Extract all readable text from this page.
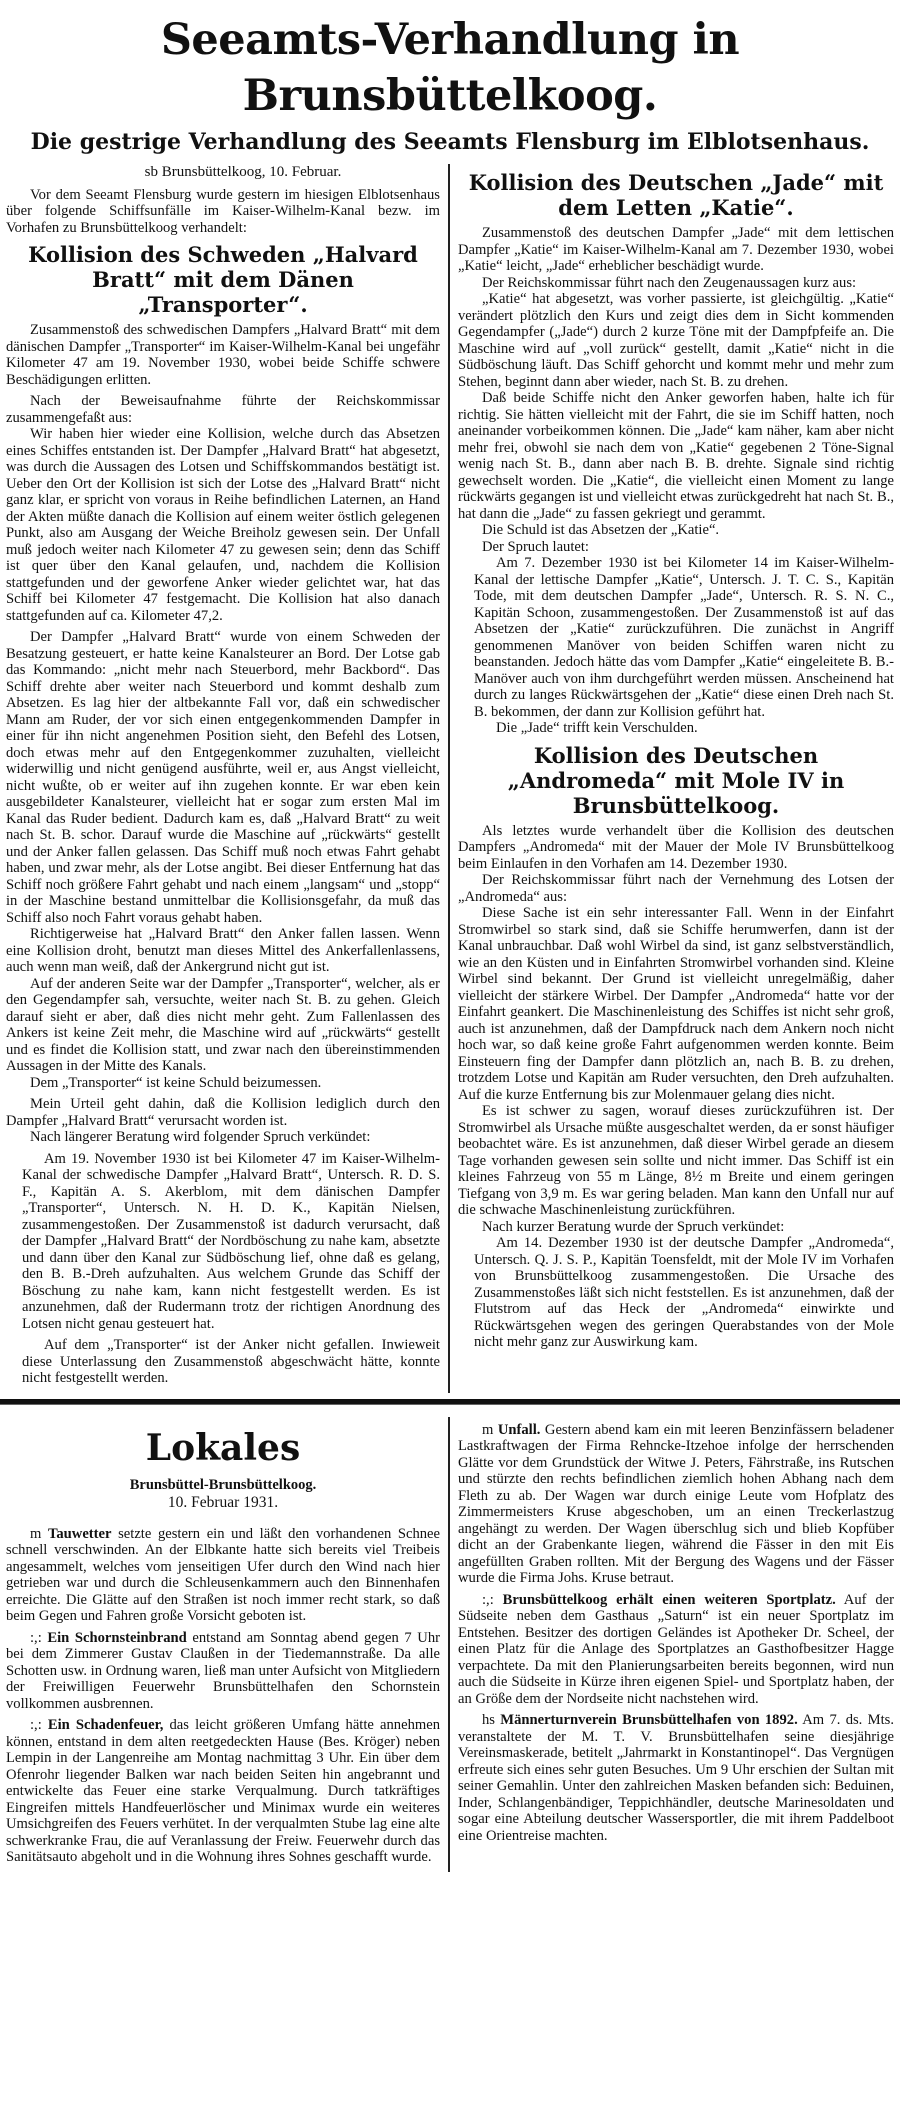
Seeamts-Verhandlung in Brunsbüttelkoog.
Die gestrige Verhandlung des Seeamts Flensburg im Elblotsenhaus.
sb Brunsbüttelkoog, 10. Februar.

Vor dem Seeamt Flensburg wurde gestern im hiesigen Elblotsenhaus über folgende Schiffsunfälle im Kaiser-Wilhelm-Kanal bezw. im Vorhafen zu Brunsbüttelkoog verhandelt:

Kollision des Schweden „Halvard Bratt“ mit dem Dänen „Transporter“.

Zusammenstoß des schwedischen Dampfers „Halvard Bratt“ mit dem dänischen Dampfer „Transporter“ im Kaiser-Wilhelm-Kanal bei ungefähr Kilometer 47 am 19. November 1930, wobei beide Schiffe schwere Beschädigungen erlitten.

Nach der Beweisaufnahme führte der Reichskommissar zusammengefaßt aus:

Wir haben hier wieder eine Kollision, welche durch das Absetzen eines Schiffes entstanden ist. Der Dampfer „Halvard Bratt“ hat abgesetzt, was durch die Aussagen des Lotsen und Schiffskommandos bestätigt ist. Ueber den Ort der Kollision ist sich der Lotse des „Halvard Bratt“ nicht ganz klar, er spricht von voraus in Reihe befindlichen Laternen, an Hand der Akten müßte danach die Kollision auf einem weiter östlich gelegenen Punkt, also am Ausgang der Weiche Breiholz gewesen sein. Der Unfall muß jedoch weiter nach Kilometer 47 zu gewesen sein; denn das Schiff ist quer über den Kanal gelaufen, und, nachdem die Kollision stattgefunden und der geworfene Anker wieder gelichtet war, hat das Schiff bei Kilometer 47 festgemacht. Die Kollision hat also danach stattgefunden auf ca. Kilometer 47,2.

Der Dampfer „Halvard Bratt“ wurde von einem Schweden der Besatzung gesteuert, er hatte keine Kanalsteurer an Bord. Der Lotse gab das Kommando: „nicht mehr nach Steuerbord, mehr Backbord“. Das Schiff drehte aber weiter nach Steuerbord und kommt deshalb zum Absetzen. Es lag hier der altbekannte Fall vor, daß ein schwedischer Mann am Ruder, der vor sich einen entgegenkommenden Dampfer in einer für ihn nicht angenehmen Position sieht, den Befehl des Lotsen, doch etwas mehr auf den Entgegenkommer zuzuhalten, vielleicht widerwillig und nicht genügend ausführte, weil er, aus Angst vielleicht, nicht wußte, ob er weiter auf ihn zugehen konnte. Er war eben kein ausgebildeter Kanalsteurer, vielleicht hat er sogar zum ersten Mal im Kanal das Ruder bedient. Dadurch kam es, daß „Halvard Bratt“ zu weit nach St. B. schor. Darauf wurde die Maschine auf „rückwärts“ gestellt und der Anker fallen gelassen. Das Schiff muß noch etwas Fahrt gehabt haben, und zwar mehr, als der Lotse angibt. Bei dieser Entfernung hat das Schiff noch größere Fahrt gehabt und nach einem „langsam“ und „stopp“ in der Maschine bestand unmittelbar die Kollisionsgefahr, da muß das Schiff also noch Fahrt voraus gehabt haben.

Richtigerweise hat „Halvard Bratt“ den Anker fallen lassen. Wenn eine Kollision droht, benutzt man dieses Mittel des Ankerfallenlassens, auch wenn man weiß, daß der Ankergrund nicht gut ist.

Auf der anderen Seite war der Dampfer „Transporter“, welcher, als er den Gegendampfer sah, versuchte, weiter nach St. B. zu gehen. Gleich darauf sieht er aber, daß dies nicht mehr geht. Zum Fallenlassen des Ankers ist keine Zeit mehr, die Maschine wird auf „rückwärts“ gestellt und es findet die Kollision statt, und zwar nach den übereinstimmenden Aussagen in der Mitte des Kanals.

Dem „Transporter“ ist keine Schuld beizumessen.

Mein Urteil geht dahin, daß die Kollision lediglich durch den Dampfer „Halvard Bratt“ verursacht worden ist.

Nach längerer Beratung wird folgender Spruch verkündet:

Am 19. November 1930 ist bei Kilometer 47 im Kaiser-Wilhelm-Kanal der schwedische Dampfer „Halvard Bratt“, Untersch. R. D. S. F., Kapitän A. S. Akerblom, mit dem dänischen Dampfer „Transporter“, Untersch. N. H. D. K., Kapitän Nielsen, zusammengestoßen. Der Zusammenstoß ist dadurch verursacht, daß der Dampfer „Halvard Bratt“ der Nordböschung zu nahe kam, absetzte und dann über den Kanal zur Südböschung lief, ohne daß es gelang, den B. B.-Dreh aufzuhalten. Aus welchem Grunde das Schiff der Böschung zu nahe kam, kann nicht festgestellt werden. Es ist anzunehmen, daß der Rudermann trotz der richtigen Anordnung des Lotsen nicht genau gesteuert hat.

Auf dem „Transporter“ ist der Anker nicht gefallen. Inwieweit diese Unterlassung den Zusammenstoß abgeschwächt hätte, konnte nicht festgestellt werden.

Kollision des Deutschen „Jade“ mit dem Letten „Katie“.

Zusammenstoß des deutschen Dampfer „Jade“ mit dem lettischen Dampfer „Katie“ im Kaiser-Wilhelm-Kanal am 7. Dezember 1930, wobei „Katie“ leicht, „Jade“ erheblicher beschädigt wurde.

Der Reichskommissar führt nach den Zeugenaussagen kurz aus:

„Katie“ hat abgesetzt, was vorher passierte, ist gleichgültig. „Katie“ verändert plötzlich den Kurs und zeigt dies dem in Sicht kommenden Gegendampfer („Jade“) durch 2 kurze Töne mit der Dampfpfeife an. Die Maschine wird auf „voll zurück“ gestellt, damit „Katie“ nicht in die Südböschung läuft. Das Schiff gehorcht und kommt mehr und mehr zum Stehen, beginnt dann aber wieder, nach St. B. zu drehen.

Daß beide Schiffe nicht den Anker geworfen haben, halte ich für richtig. Sie hätten vielleicht mit der Fahrt, die sie im Schiff hatten, noch aneinander vorbeikommen können. Die „Jade“ kam näher, kam aber nicht mehr frei, obwohl sie nach dem von „Katie“ gegebenen 2 Töne-Signal wenig nach St. B., dann aber nach B. B. drehte. Signale sind richtig gewechselt worden. Die „Katie“, die vielleicht einen Moment zu lange rückwärts gegangen ist und vielleicht etwas zurückgedreht hat nach St. B., hat dann die „Jade“ zu fassen gekriegt und gerammt.

Die Schuld ist das Absetzen der „Katie“.

Der Spruch lautet:

Am 7. Dezember 1930 ist bei Kilometer 14 im Kaiser-Wilhelm-Kanal der lettische Dampfer „Katie“, Untersch. J. T. C. S., Kapitän Tode, mit dem deutschen Dampfer „Jade“, Untersch. R. S. N. C., Kapitän Schoon, zusammengestoßen. Der Zusammenstoß ist auf das Absetzen der „Katie“ zurückzuführen. Die zunächst in Angriff genommenen Manöver von beiden Schiffen waren nicht zu beanstanden. Jedoch hätte das vom Dampfer „Katie“ eingeleitete B. B.-Manöver auch von ihm durchgeführt werden müssen. Anscheinend hat durch zu langes Rückwärtsgehen der „Katie“ diese einen Dreh nach St. B. bekommen, der dann zur Kollision geführt hat.

Die „Jade“ trifft kein Verschulden.

Kollision des Deutschen „Andromeda“ mit Mole IV in Brunsbüttelkoog.

Als letztes wurde verhandelt über die Kollision des deutschen Dampfers „Andromeda“ mit der Mauer der Mole IV Brunsbüttelkoog beim Einlaufen in den Vorhafen am 14. Dezember 1930.

Der Reichskommissar führt nach der Vernehmung des Lotsen der „Andromeda“ aus:

Diese Sache ist ein sehr interessanter Fall. Wenn in der Einfahrt Stromwirbel so stark sind, daß sie Schiffe herumwerfen, dann ist der Kanal unbrauchbar. Daß wohl Wirbel da sind, ist ganz selbstverständlich, wie an den Küsten und in Einfahrten Stromwirbel vorhanden sind. Kleine Wirbel sind bekannt. Der Grund ist vielleicht unregelmäßig, daher vielleicht der stärkere Wirbel. Der Dampfer „Andromeda“ hatte vor der Einfahrt geankert. Die Maschinenleistung des Schiffes ist nicht sehr groß, auch ist anzunehmen, daß der Dampfdruck nach dem Ankern noch nicht hoch war, so daß keine große Fahrt aufgenommen werden konnte. Beim Einsteuern fing der Dampfer dann plötzlich an, nach B. B. zu drehen, trotzdem Lotse und Kapitän am Ruder versuchten, den Dreh aufzuhalten. Auf die kurze Entfernung bis zur Molenmauer gelang dies nicht.

Es ist schwer zu sagen, worauf dieses zurückzuführen ist. Der Stromwirbel als Ursache müßte ausgeschaltet werden, da er sonst häufiger beobachtet wäre. Es ist anzunehmen, daß dieser Wirbel gerade an diesem Tage vorhanden gewesen sein sollte und nicht immer. Das Schiff ist ein kleines Fahrzeug von 55 m Länge, 8½ m Breite und einem geringen Tiefgang von 3,9 m. Es war gering beladen. Man kann den Unfall nur auf die schwache Maschinenleistung zurückführen.

Nach kurzer Beratung wurde der Spruch verkündet:

Am 14. Dezember 1930 ist der deutsche Dampfer „Andromeda“, Untersch. Q. J. S. P., Kapitän Toensfeldt, mit der Mole IV im Vorhafen von Brunsbüttelkoog zusammengestoßen. Die Ursache des Zusammenstoßes läßt sich nicht feststellen. Es ist anzunehmen, daß der Flutstrom auf das Heck der „Andromeda“ einwirkte und Rückwärtsgehen wegen des geringen Querabstandes von der Mole nicht mehr ganz zur Auswirkung kam.

Lokales
Brunsbüttel-Brunsbüttelkoog.
10. Februar 1931.

m Tauwetter setzte gestern ein und läßt den vorhandenen Schnee schnell verschwinden. An der Elbkante hatte sich bereits viel Treibeis angesammelt, welches vom jenseitigen Ufer durch den Wind nach hier getrieben war und durch die Schleusenkammern auch den Binnenhafen erreichte. Die Glätte auf den Straßen ist noch immer recht stark, so daß beim Gegen und Fahren große Vorsicht geboten ist.

:,: Ein Schornsteinbrand entstand am Sonntag abend gegen 7 Uhr bei dem Zimmerer Gustav Claußen in der Tiedemannstraße. Da alle Schotten usw. in Ordnung waren, ließ man unter Aufsicht von Mitgliedern der Freiwilligen Feuerwehr Brunsbüttelhafen den Schornstein vollkommen ausbrennen.

:,: Ein Schadenfeuer, das leicht größeren Umfang hätte annehmen können, entstand in dem alten reetgedeckten Hause (Bes. Kröger) neben Lempin in der Langenreihe am Montag nachmittag 3 Uhr. Ein über dem Ofenrohr liegender Balken war nach beiden Seiten hin angebrannt und entwickelte das Feuer eine starke Verqualmung. Durch tatkräftiges Eingreifen mittels Handfeuerlöscher und Minimax wurde ein weiteres Umsichgreifen des Feuers verhütet. In der verqualmten Stube lag eine alte schwerkranke Frau, die auf Veranlassung der Freiw. Feuerwehr durch das Sanitätsauto abgeholt und in die Wohnung ihres Sohnes geschafft wurde.

m Unfall. Gestern abend kam ein mit leeren Benzinfässern beladener Lastkraftwagen der Firma Rehncke-Itzehoe infolge der herrschenden Glätte vor dem Grundstück der Witwe J. Peters, Fährstraße, ins Rutschen und stürzte den rechts befindlichen ziemlich hohen Abhang nach dem Fleth zu ab. Der Wagen war durch einige Leute vom Hofplatz des Zimmermeisters Kruse abgeschoben, um an einen Treckerlastzug angehängt zu werden. Der Wagen überschlug sich und blieb Kopfüber dicht an der Grabenkante liegen, während die Fässer in den mit Eis angefüllten Graben rollten. Mit der Bergung des Wagens und der Fässer wurde die Firma Johs. Kruse betraut.

:,: Brunsbüttelkoog erhält einen weiteren Sportplatz. Auf der Südseite neben dem Gasthaus „Saturn“ ist ein neuer Sportplatz im Entstehen. Besitzer des dortigen Geländes ist Apotheker Dr. Scheel, der einen Platz für die Anlage des Sportplatzes an Gasthofbesitzer Hagge verpachtete. Da mit den Planierungsarbeiten bereits begonnen, wird nun auch die Südseite in Kürze ihren eigenen Spiel- und Sportplatz haben, der an Größe dem der Nordseite nicht nachstehen wird.

hs Männerturnverein Brunsbüttelhafen von 1892. Am 7. ds. Mts. veranstaltete der M. T. V. Brunsbüttelhafen seine diesjährige Vereinsmaskerade, betitelt „Jahrmarkt in Konstantinopel“. Das Vergnügen erfreute sich eines sehr guten Besuches. Um 9 Uhr erschien der Sultan mit seiner Gemahlin. Unter den zahlreichen Masken befanden sich: Beduinen, Inder, Schlangenbändiger, Teppichhändler, deutsche Marinesoldaten und sogar eine Abteilung deutscher Wassersportler, die mit ihrem Paddelboot eine Orientreise machten.
